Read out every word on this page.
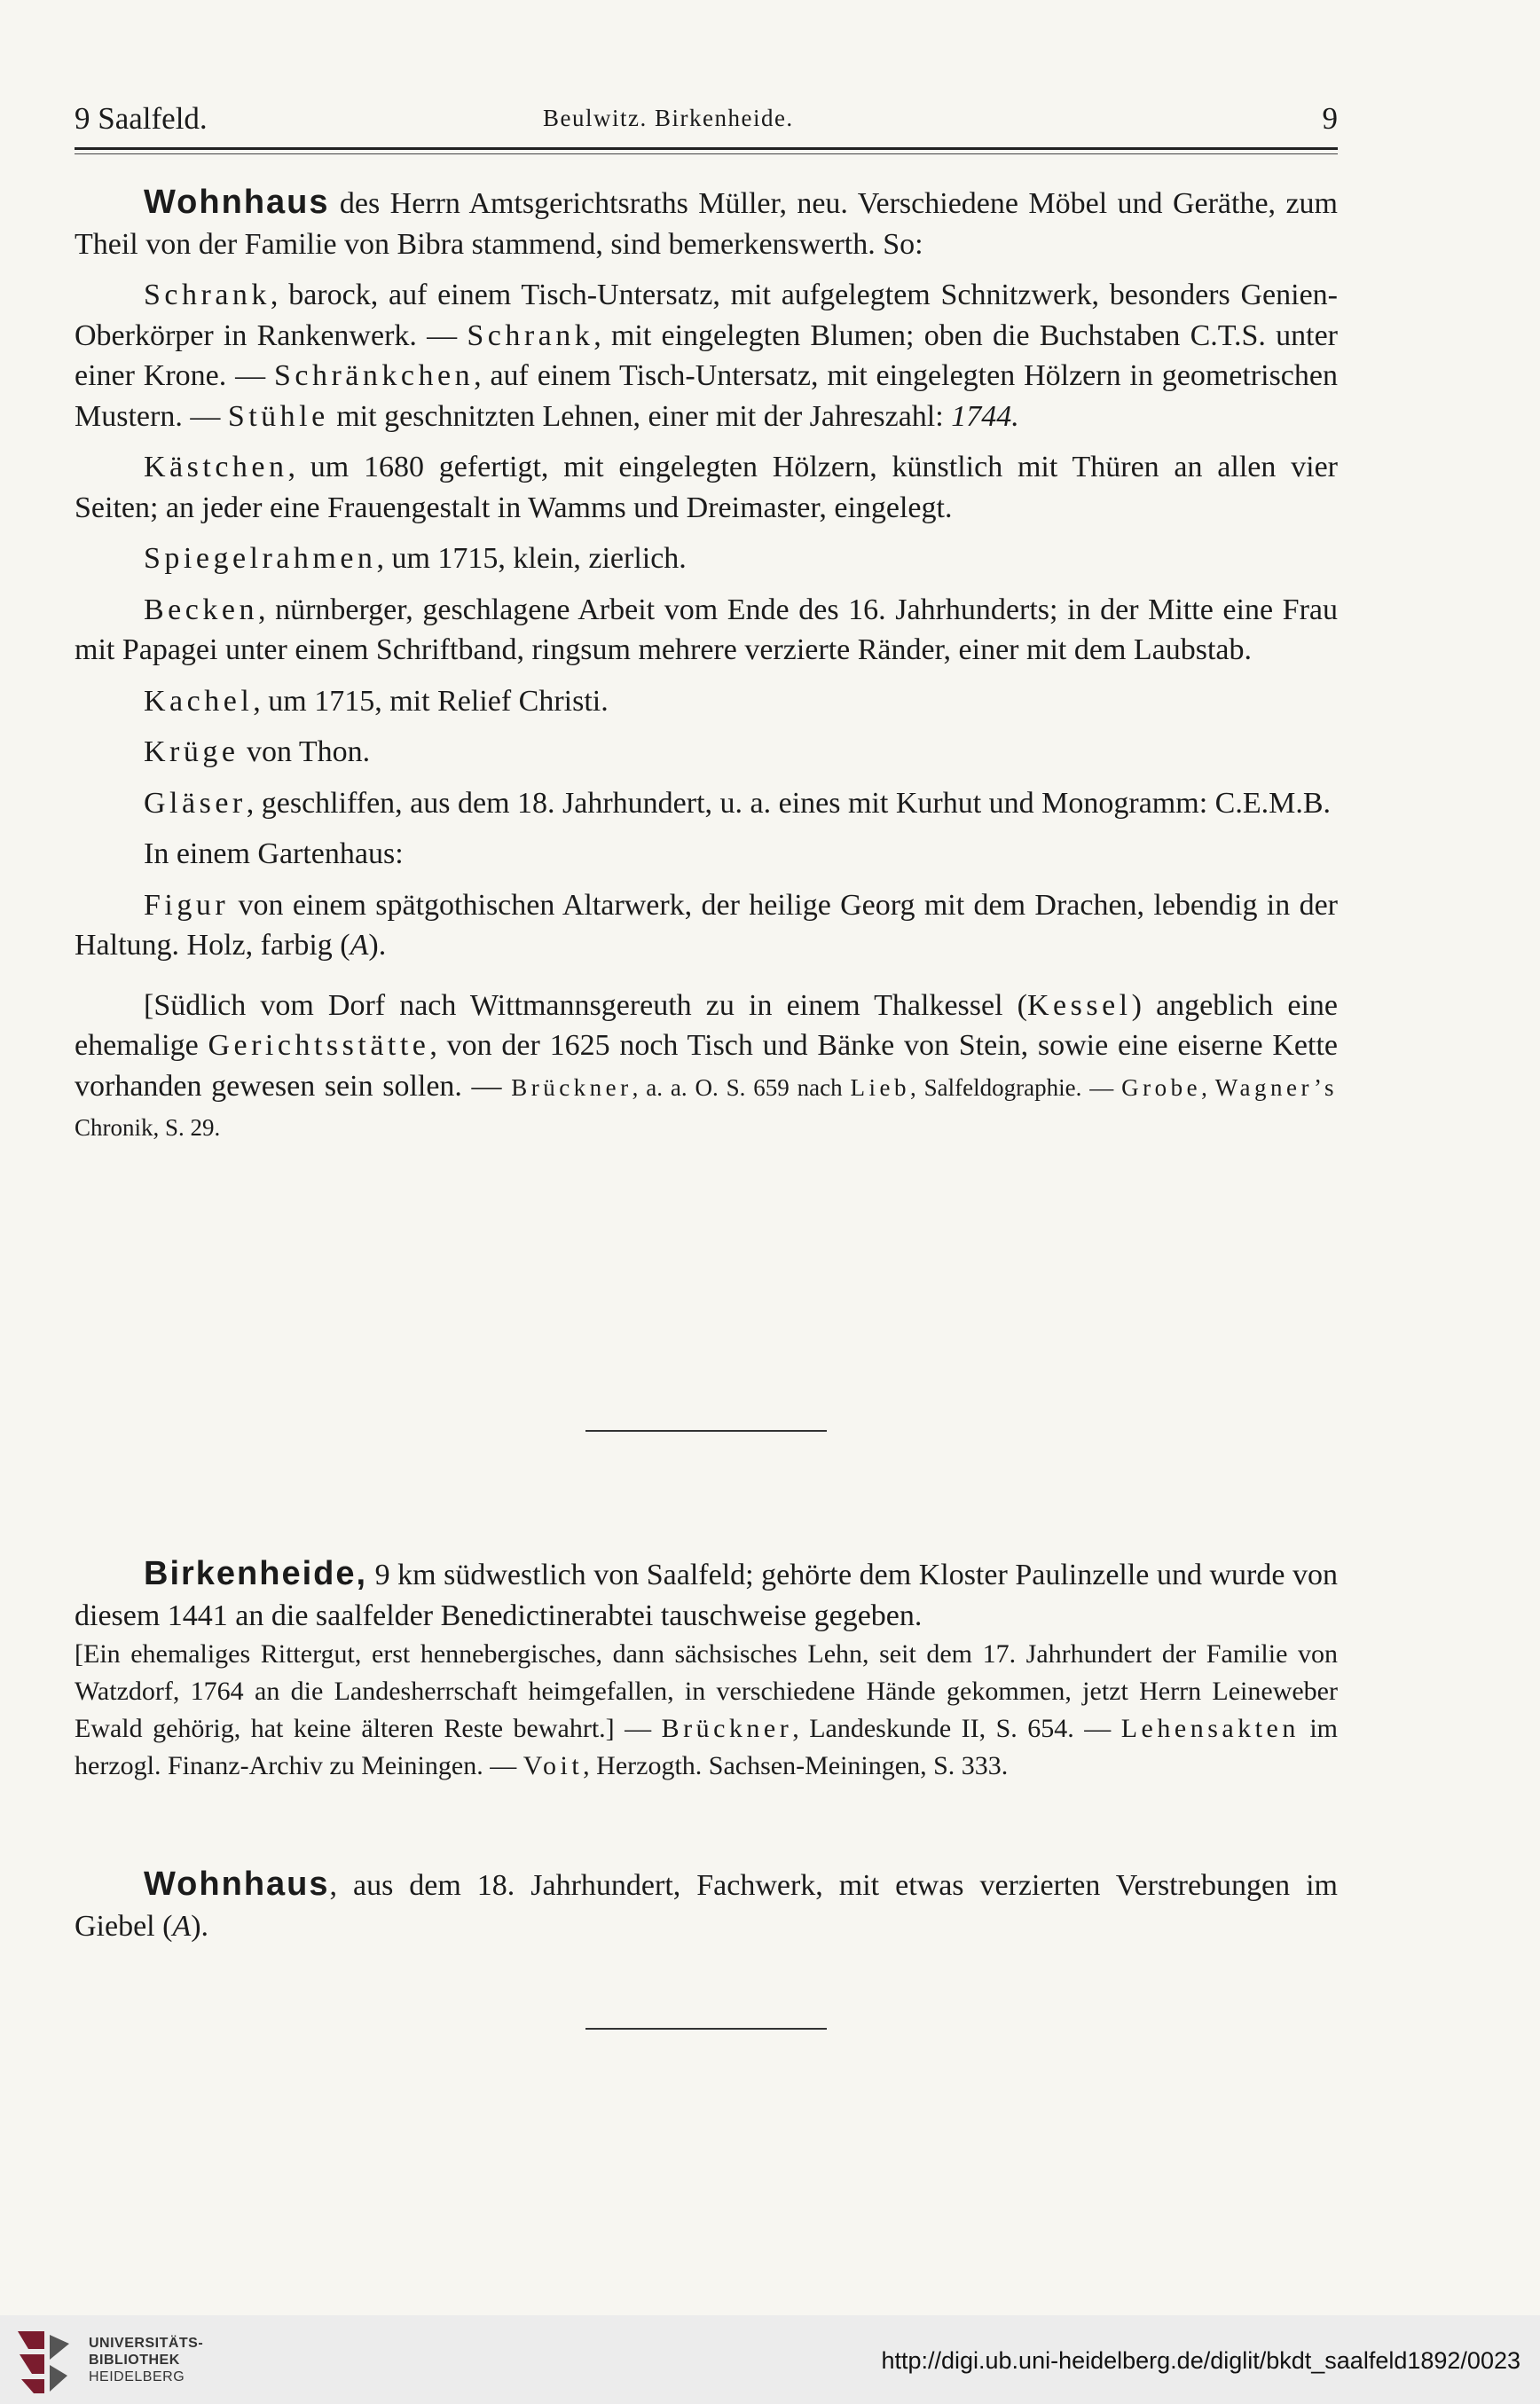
9 Saalfeld.	Beulwitz. Birkenheide.	9

Wohnhaus des Herrn Amtsgerichtsraths Müller, neu. Verschiedene Möbel und Geräthe, zum Theil von der Familie von Bibra stammend, sind bemerkenswerth. So:

Schrank, barock, auf einem Tisch-Untersatz, mit aufgelegtem Schnitzwerk, besonders Genien-Oberkörper in Rankenwerk. — Schrank, mit eingelegten Blumen; oben die Buchstaben C.T.S. unter einer Krone. — Schränkchen, auf einem Tisch-Untersatz, mit eingelegten Hölzern in geometrischen Mustern. — Stühle mit geschnitzten Lehnen, einer mit der Jahreszahl: 1744.

Kästchen, um 1680 gefertigt, mit eingelegten Hölzern, künstlich mit Thüren an allen vier Seiten; an jeder eine Frauengestalt in Wamms und Dreimaster, eingelegt.

Spiegelrahmen, um 1715, klein, zierlich.

Becken, nürnberger, geschlagene Arbeit vom Ende des 16. Jahrhunderts; in der Mitte eine Frau mit Papagei unter einem Schriftband, ringsum mehrere verzierte Ränder, einer mit dem Laubstab.

Kachel, um 1715, mit Relief Christi.

Krüge von Thon.

Gläser, geschliffen, aus dem 18. Jahrhundert, u. a. eines mit Kurhut und Monogramm: C.E.M.B.

In einem Gartenhaus:

Figur von einem spätgothischen Altarwerk, der heilige Georg mit dem Drachen, lebendig in der Haltung. Holz, farbig (A).

[Südlich vom Dorf nach Wittmannsgereuth zu in einem Thalkessel (Kessel) angeblich eine ehemalige Gerichtsstätte, von der 1625 noch Tisch und Bänke von Stein, sowie eine eiserne Kette vorhanden gewesen sein sollen. — Brückner, a. a. O. S. 659 nach Lieb, Salfeldographie. — Grobe, Wagner’s Chronik, S. 29.

Birkenheide, 9 km südwestlich von Saalfeld; gehörte dem Kloster Paulinzelle und wurde von diesem 1441 an die saalfelder Benedictinerabtei tauschweise gegeben.

[Ein ehemaliges Rittergut, erst hennebergisches, dann sächsisches Lehn, seit dem 17. Jahrhundert der Familie von Watzdorf, 1764 an die Landesherrschaft heimgefallen, in verschiedene Hände gekommen, jetzt Herrn Leineweber Ewald gehörig, hat keine älteren Reste bewahrt.] — Brückner, Landeskunde II, S. 654. — Lehensakten im herzogl. Finanz-Archiv zu Meiningen. — Voit, Herzogth. Sachsen-Meiningen, S. 333.

Wohnhaus, aus dem 18. Jahrhundert, Fachwerk, mit etwas verzierten Verstrebungen im Giebel (A).

UNIVERSITÄTS-
BIBLIOTHEK
HEIDELBERG
http://digi.ub.uni-heidelberg.de/diglit/bkdt_saalfeld1892/0023
